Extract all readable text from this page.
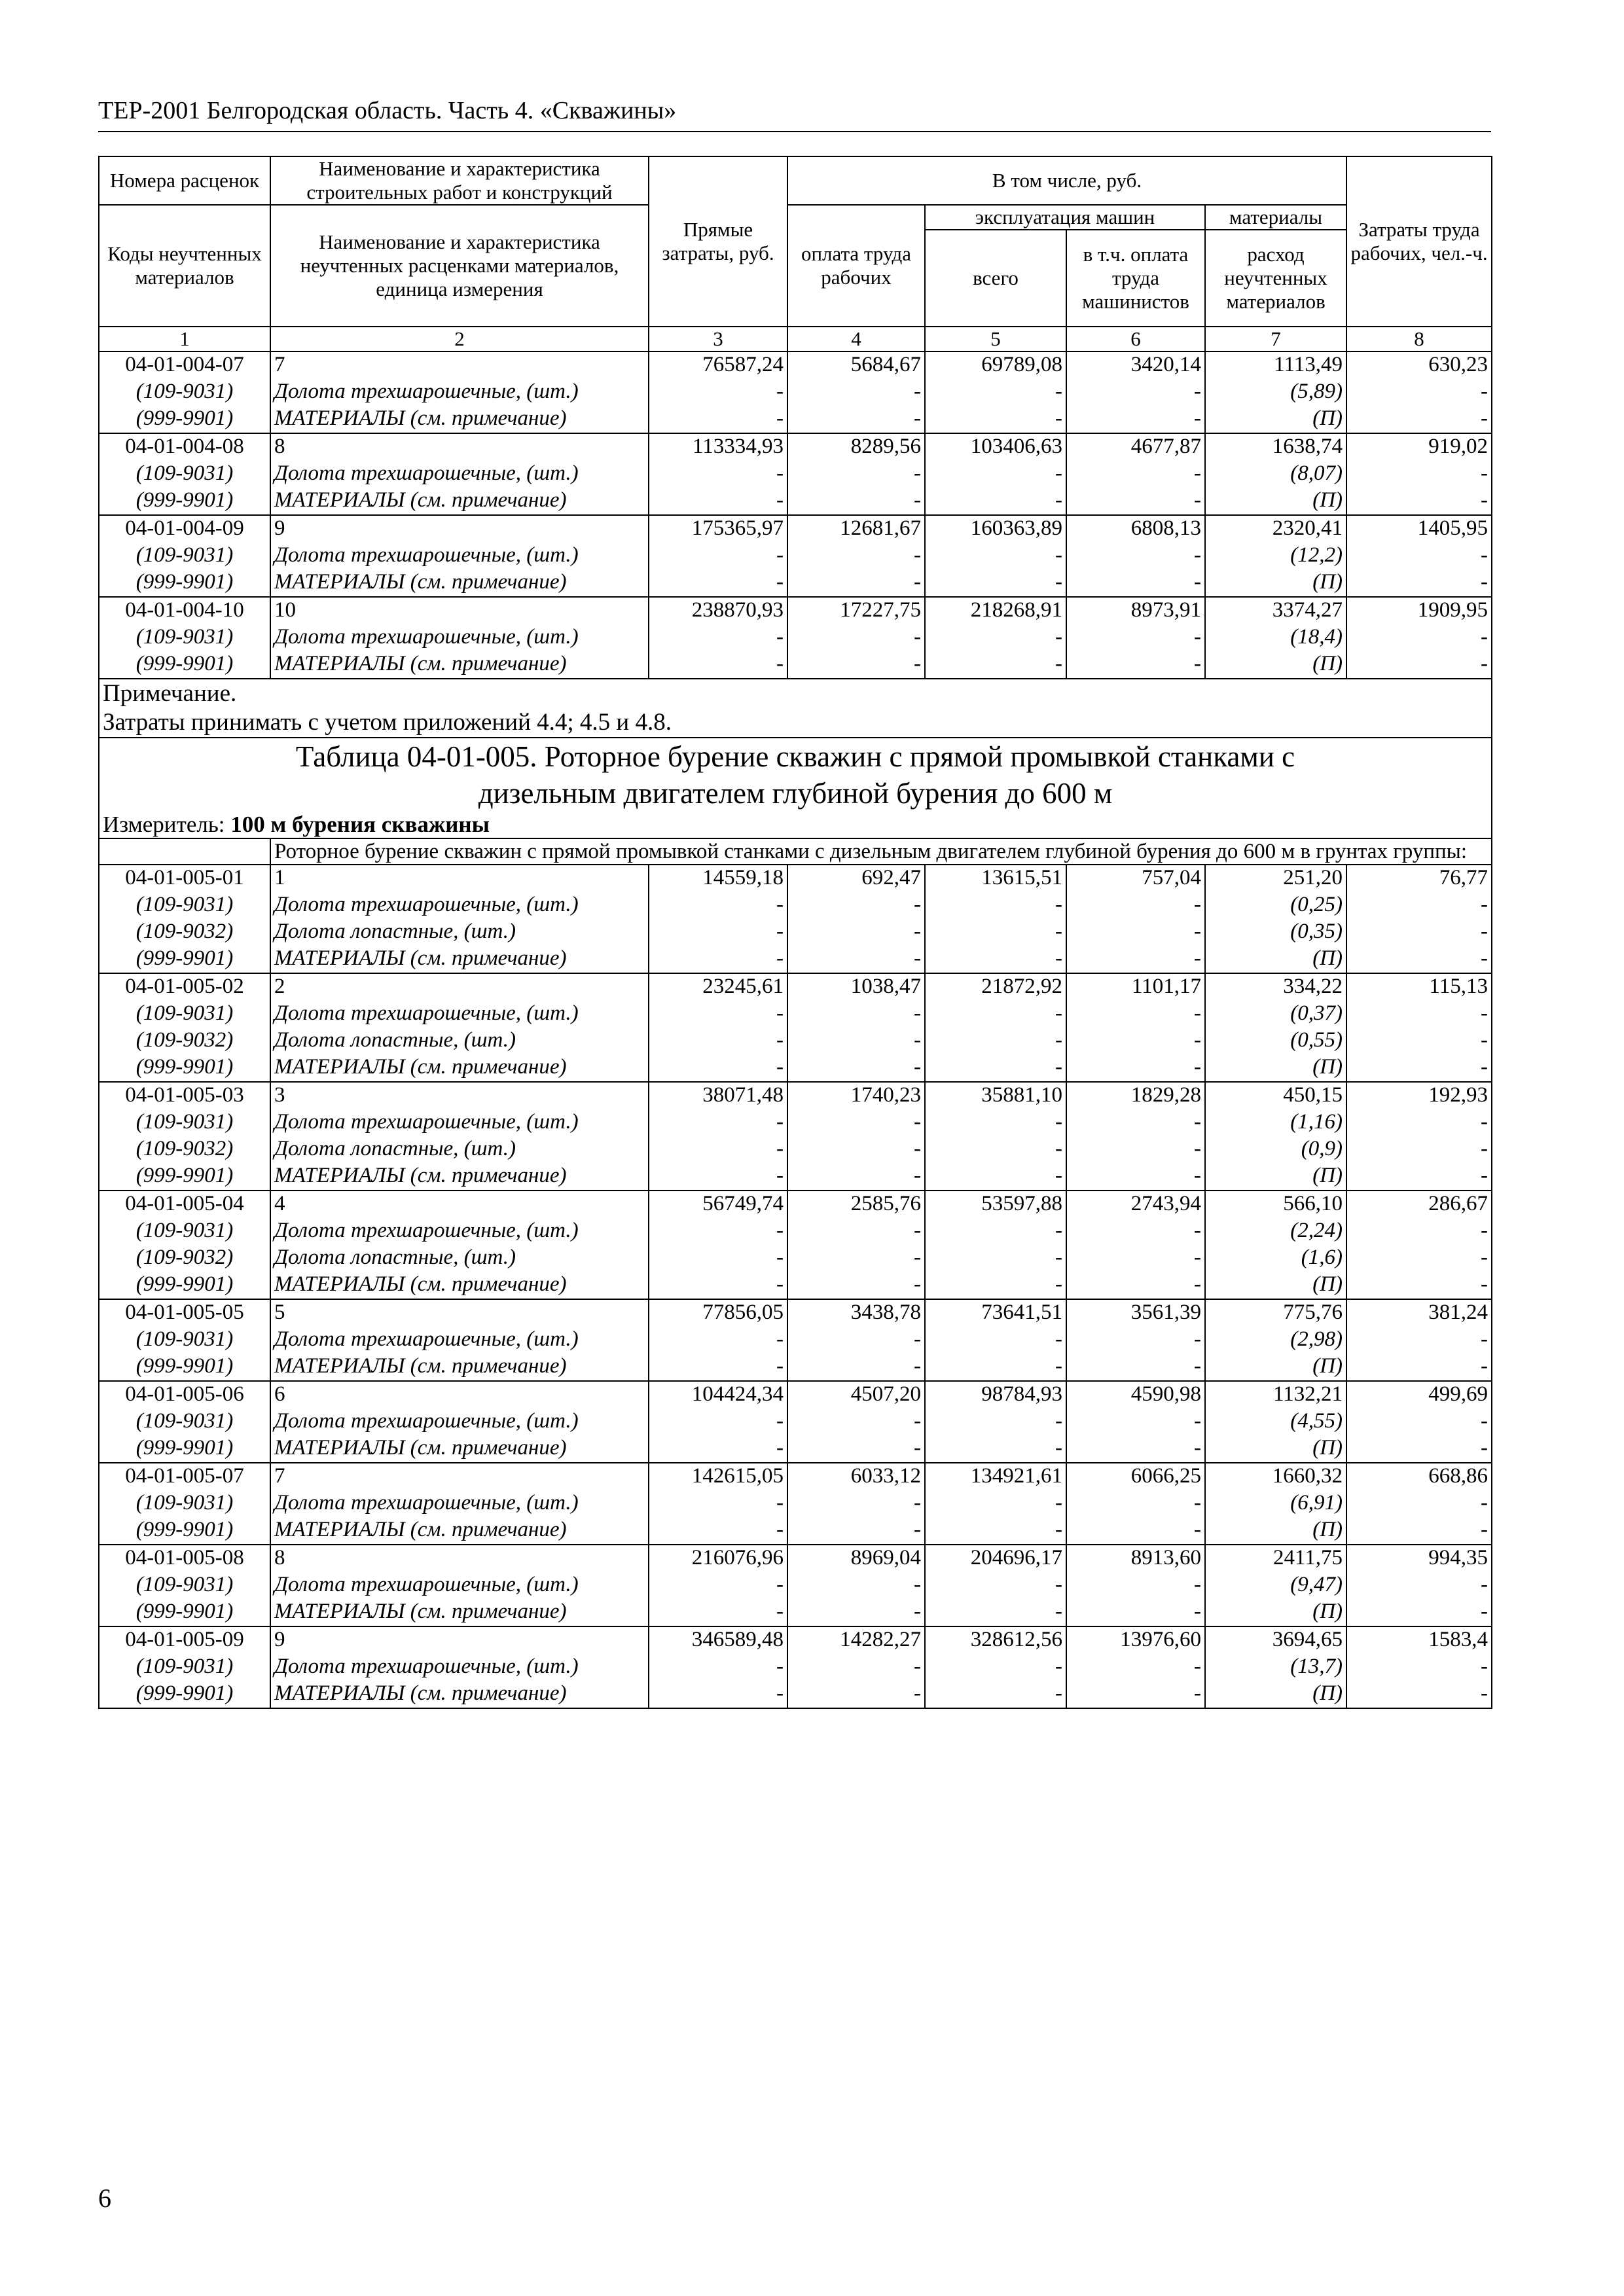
ТЕР-2001 Белгородская область. Часть 4. «Скважины»
Номера расценок	Наименование и характеристика строительных работ и конструкций	Прямые затраты, руб.	В том числе, руб.				Затраты труда рабочих, чел.-ч.
Коды неучтенных материалов	Наименование и характеристика неучтенных расценками материалов, единица измерения		оплата труда рабочих	эксплуатация машин		материалы	
				всего	в т.ч. оплата труда машинистов	расход неучтенных материалов	
1	2	3	4	5	6	7	8
04-01-004-07	7	76587,24	5684,67	69789,08	3420,14	1113,49	630,23
(109-9031)	Долота трехшарошечные, (шт.)	-	-	-	-	(5,89)	-
(999-9901)	МАТЕРИАЛЫ (см. примечание)	-	-	-	-	(П)	-
04-01-004-08	8	113334,93	8289,56	103406,63	4677,87	1638,74	919,02
(109-9031)	Долота трехшарошечные, (шт.)	-	-	-	-	(8,07)	-
(999-9901)	МАТЕРИАЛЫ (см. примечание)	-	-	-	-	(П)	-
04-01-004-09	9	175365,97	12681,67	160363,89	6808,13	2320,41	1405,95
(109-9031)	Долота трехшарошечные, (шт.)	-	-	-	-	(12,2)	-
(999-9901)	МАТЕРИАЛЫ (см. примечание)	-	-	-	-	(П)	-
04-01-004-10	10	238870,93	17227,75	218268,91	8973,91	3374,27	1909,95
(109-9031)	Долота трехшарошечные, (шт.)	-	-	-	-	(18,4)	-
(999-9901)	МАТЕРИАЛЫ (см. примечание)	-	-	-	-	(П)	-

Примечание.
Затраты принимать с учетом приложений 4.4; 4.5 и 4.8.							

Таблица 04-01-005. Роторное бурение скважин с прямой промывкой станками с
дизельным двигателем глубиной бурения до 600 м							

Измеритель: 100 м бурения скважины							
	Роторное бурение скважин с прямой промывкой станками с дизельным двигателем глубиной бурения до 600 м в грунтах группы:						
04-01-005-01	1	14559,18	692,47	13615,51	757,04	251,20	76,77
(109-9031)	Долота трехшарошечные, (шт.)	-	-	-	-	(0,25)	-
(109-9032)	Долота лопастные, (шт.)	-	-	-	-	(0,35)	-
(999-9901)	МАТЕРИАЛЫ (см. примечание)	-	-	-	-	(П)	-
04-01-005-02	2	23245,61	1038,47	21872,92	1101,17	334,22	115,13
(109-9031)	Долота трехшарошечные, (шт.)	-	-	-	-	(0,37)	-
(109-9032)	Долота лопастные, (шт.)	-	-	-	-	(0,55)	-
(999-9901)	МАТЕРИАЛЫ (см. примечание)	-	-	-	-	(П)	-
04-01-005-03	3	38071,48	1740,23	35881,10	1829,28	450,15	192,93
(109-9031)	Долота трехшарошечные, (шт.)	-	-	-	-	(1,16)	-
(109-9032)	Долота лопастные, (шт.)	-	-	-	-	(0,9)	-
(999-9901)	МАТЕРИАЛЫ (см. примечание)	-	-	-	-	(П)	-
04-01-005-04	4	56749,74	2585,76	53597,88	2743,94	566,10	286,67
(109-9031)	Долота трехшарошечные, (шт.)	-	-	-	-	(2,24)	-
(109-9032)	Долота лопастные, (шт.)	-	-	-	-	(1,6)	-
(999-9901)	МАТЕРИАЛЫ (см. примечание)	-	-	-	-	(П)	-
04-01-005-05	5	77856,05	3438,78	73641,51	3561,39	775,76	381,24
(109-9031)	Долота трехшарошечные, (шт.)	-	-	-	-	(2,98)	-
(999-9901)	МАТЕРИАЛЫ (см. примечание)	-	-	-	-	(П)	-
04-01-005-06	6	104424,34	4507,20	98784,93	4590,98	1132,21	499,69
(109-9031)	Долота трехшарошечные, (шт.)	-	-	-	-	(4,55)	-
(999-9901)	МАТЕРИАЛЫ (см. примечание)	-	-	-	-	(П)	-
04-01-005-07	7	142615,05	6033,12	134921,61	6066,25	1660,32	668,86
(109-9031)	Долота трехшарошечные, (шт.)	-	-	-	-	(6,91)	-
(999-9901)	МАТЕРИАЛЫ (см. примечание)	-	-	-	-	(П)	-
04-01-005-08	8	216076,96	8969,04	204696,17	8913,60	2411,75	994,35
(109-9031)	Долота трехшарошечные, (шт.)	-	-	-	-	(9,47)	-
(999-9901)	МАТЕРИАЛЫ (см. примечание)	-	-	-	-	(П)	-
04-01-005-09	9	346589,48	14282,27	328612,56	13976,60	3694,65	1583,4
(109-9031)	Долота трехшарошечные, (шт.)	-	-	-	-	(13,7)	-
(999-9901)	МАТЕРИАЛЫ (см. примечание)	-	-	-	-	(П)	-
6
